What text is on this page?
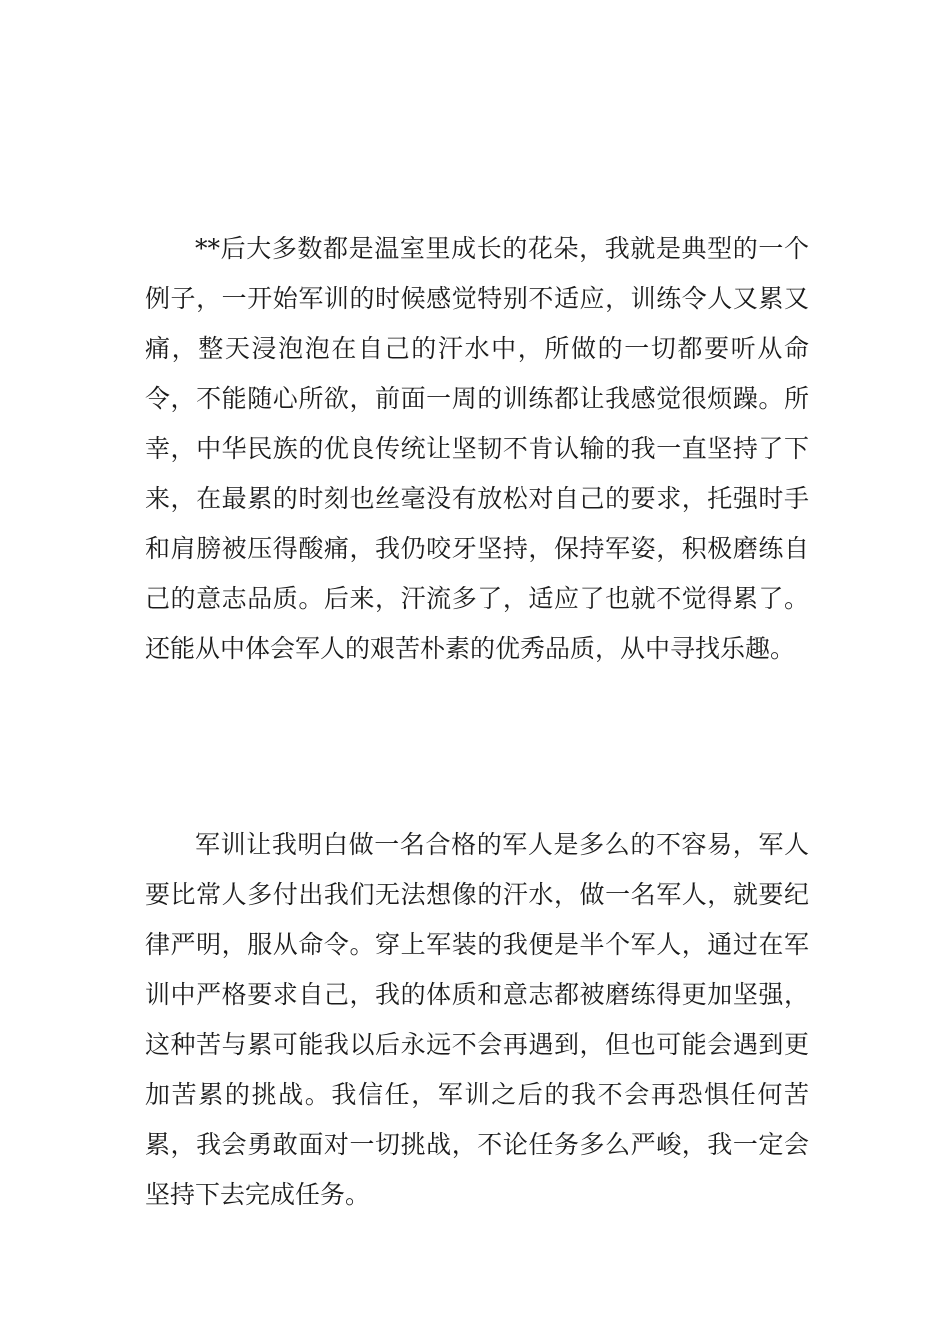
**后大多数都是温室里成长的花朵，我就是典型的一个例子，一开始军训的时候感觉特别不适应，训练令人又累又痛，整天浸泡泡在自己的汗水中，所做的一切都要听从命令，不能随心所欲，前面一周的训练都让我感觉很烦躁。所幸，中华民族的优良传统让坚韧不肯认输的我一直坚持了下来，在最累的时刻也丝毫没有放松对自己的要求，托强时手和肩膀被压得酸痛，我仍咬牙坚持，保持军姿，积极磨练自己的意志品质。后来，汗流多了，适应了也就不觉得累了。还能从中体会军人的艰苦朴素的优秀品质，从中寻找乐趣。

军训让我明白做一名合格的军人是多么的不容易，军人要比常人多付出我们无法想像的汗水，做一名军人，就要纪律严明，服从命令。穿上军装的我便是半个军人，通过在军训中严格要求自己，我的体质和意志都被磨练得更加坚强，这种苦与累可能我以后永远不会再遇到，但也可能会遇到更加苦累的挑战。我信任，军训之后的我不会再恐惧任何苦累，我会勇敢面对一切挑战，不论任务多么严峻，我一定会坚持下去完成任务。
